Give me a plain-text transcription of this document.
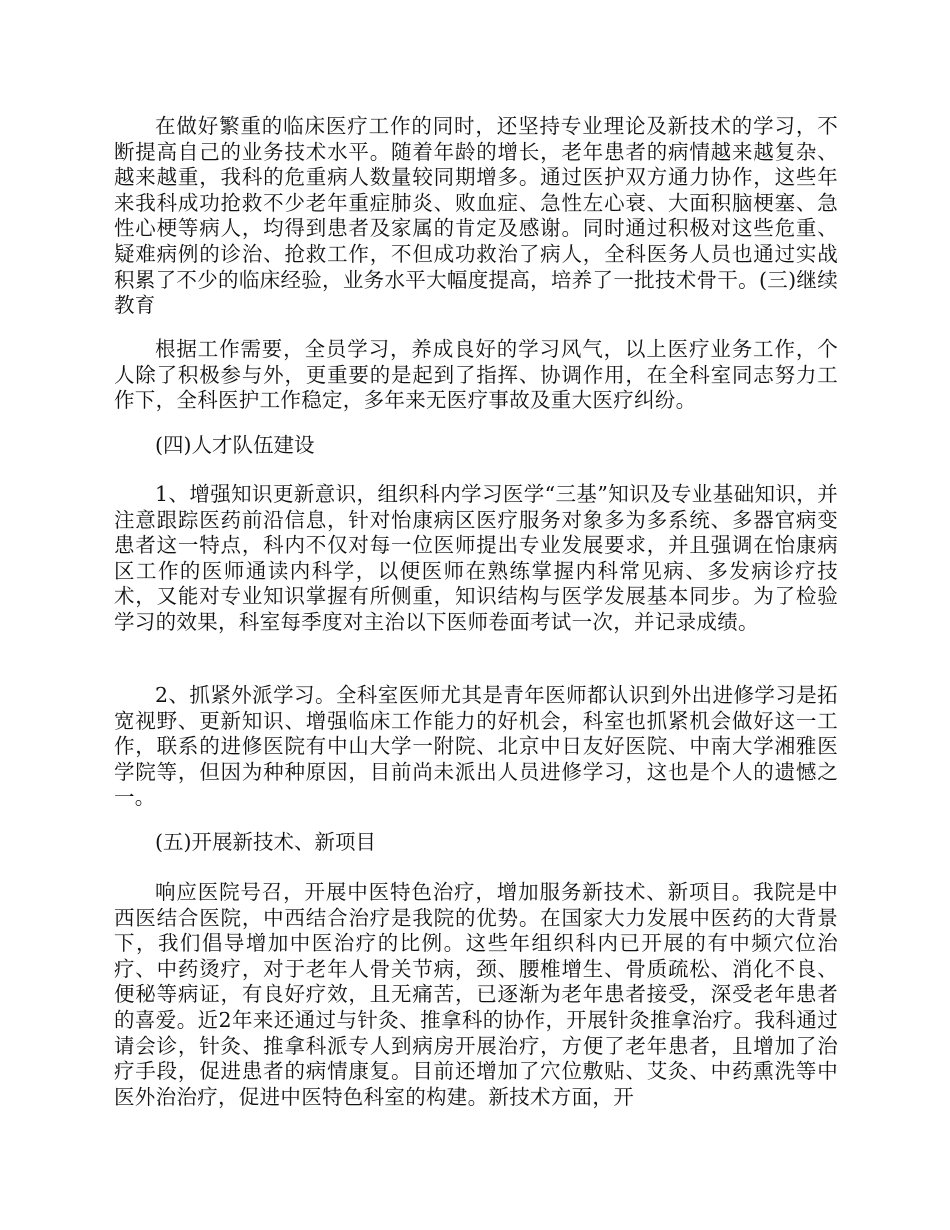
在做好繁重的临床医疗工作的同时，还坚持专业理论及新技术的学习，不断提高自己的业务技术水平。随着年龄的增长，老年患者的病情越来越复杂、越来越重，我科的危重病人数量较同期增多。通过医护双方通力协作，这些年来我科成功抢救不少老年重症肺炎、败血症、急性左心衰、大面积脑梗塞、急性心梗等病人，均得到患者及家属的肯定及感谢。同时通过积极对这些危重、疑难病例的诊治、抢救工作，不但成功救治了病人，全科医务人员也通过实战积累了不少的临床经验，业务水平大幅度提高，培养了一批技术骨干。(三)继续教育

根据工作需要，全员学习，养成良好的学习风气，以上医疗业务工作，个人除了积极参与外，更重要的是起到了指挥、协调作用，在全科室同志努力工作下，全科医护工作稳定，多年来无医疗事故及重大医疗纠纷。

(四)人才队伍建设

1、增强知识更新意识，组织科内学习医学“三基”知识及专业基础知识，并注意跟踪医药前沿信息，针对怡康病区医疗服务对象多为多系统、多器官病变患者这一特点，科内不仅对每一位医师提出专业发展要求，并且强调在怡康病区工作的医师通读内科学，以便医师在熟练掌握内科常见病、多发病诊疗技术，又能对专业知识掌握有所侧重，知识结构与医学发展基本同步。为了检验学习的效果，科室每季度对主治以下医师卷面考试一次，并记录成绩。

2、抓紧外派学习。全科室医师尤其是青年医师都认识到外出进修学习是拓宽视野、更新知识、增强临床工作能力的好机会，科室也抓紧机会做好这一工作，联系的进修医院有中山大学一附院、北京中日友好医院、中南大学湘雅医学院等，但因为种种原因，目前尚未派出人员进修学习，这也是个人的遗憾之一。

(五)开展新技术、新项目

响应医院号召，开展中医特色治疗，增加服务新技术、新项目。我院是中西医结合医院，中西结合治疗是我院的优势。在国家大力发展中医药的大背景下，我们倡导增加中医治疗的比例。这些年组织科内已开展的有中频穴位治疗、中药烫疗，对于老年人骨关节病，颈、腰椎增生、骨质疏松、消化不良、便秘等病证，有良好疗效，且无痛苦，已逐渐为老年患者接受，深受老年患者的喜爱。近2年来还通过与针灸、推拿科的协作，开展针灸推拿治疗。我科通过请会诊，针灸、推拿科派专人到病房开展治疗，方便了老年患者，且增加了治疗手段，促进患者的病情康复。目前还增加了穴位敷贴、艾灸、中药熏洗等中医外治治疗，促进中医特色科室的构建。新技术方面，开
